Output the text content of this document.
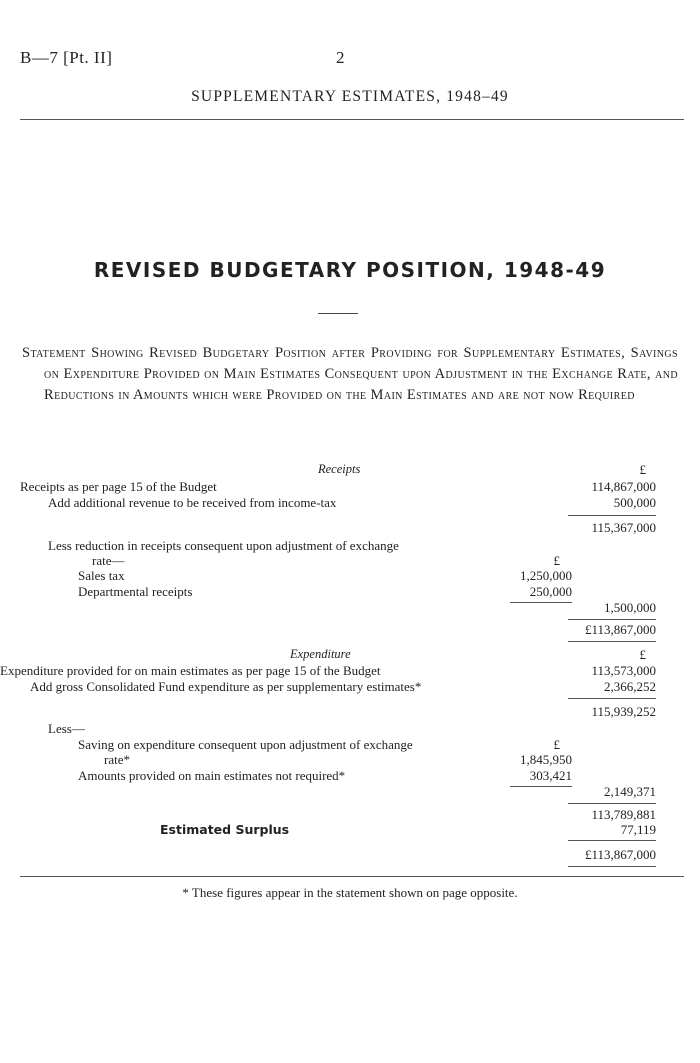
B—7 [Pt. II]	2
SUPPLEMENTARY ESTIMATES, 1948–49
REVISED BUDGETARY POSITION, 1948-49
Statement Showing Revised Budgetary Position after Providing for Supplementary Estimates, Savings on Expenditure Provided on Main Estimates Consequent upon Adjustment in the Exchange Rate, and Reductions in Amounts which were Provided on the Main Estimates and are not now Required
Receipts	£
Receipts as per page 15 of the Budget	114,867,000
Add additional revenue to be received from income-tax	500,000
115,367,000
Less reduction in receipts consequent upon adjustment of exchange
rate—	£
Sales tax	1,250,000
Departmental receipts	250,000
1,500,000
£113,867,000
Expenditure	£
Expenditure provided for on main estimates as per page 15 of the Budget	113,573,000
Add gross Consolidated Fund expenditure as per supplementary estimates*	2,366,252
115,939,252
Less—
Saving on expenditure consequent upon adjustment of exchange	£
rate*	1,845,950
Amounts provided on main estimates not required*	303,421
2,149,371
113,789,881
Estimated Surplus	77,119
£113,867,000
* These figures appear in the statement shown on page opposite.
